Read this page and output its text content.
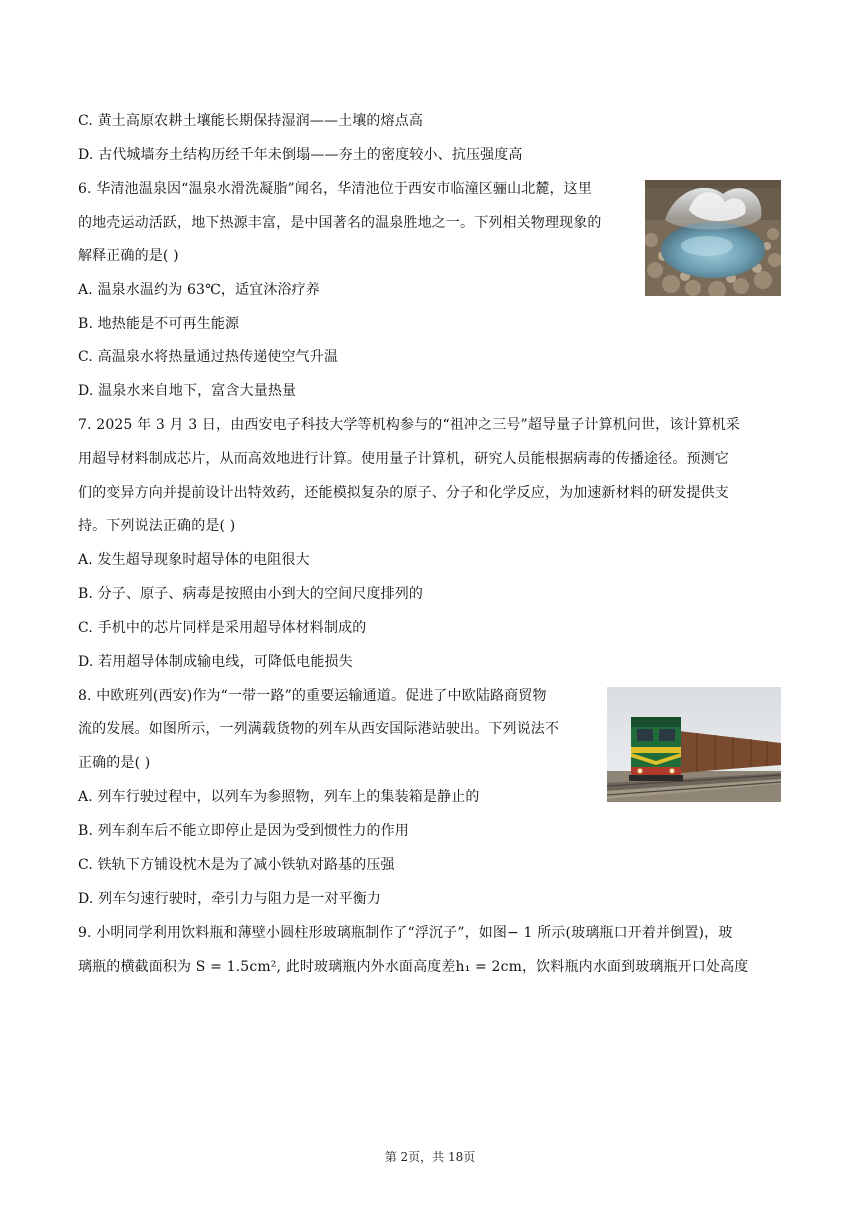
C. 黄土高原农耕土壤能长期保持湿润——土壤的熔点高
D. 古代城墙夯土结构历经千年未倒塌——夯土的密度较小、抗压强度高
6. 华清池温泉因“温泉水滑洗凝脂”闻名，华清池位于西安市临潼区骊山北麓，这里
的地壳运动活跃，地下热源丰富，是中国著名的温泉胜地之一。下列相关物理现象的
解释正确的是( )
A. 温泉水温约为 63℃，适宜沐浴疗养
B. 地热能是不可再生能源
C. 高温泉水将热量通过热传递使空气升温
D. 温泉水来自地下，富含大量热量
7. 2025 年 3 月 3 日，由西安电子科技大学等机构参与的“祖冲之三号”超导量子计算机问世，该计算机采
用超导材料制成芯片，从而高效地进行计算。使用量子计算机，研究人员能根据病毒的传播途径。预测它
们的变异方向并提前设计出特效药，还能模拟复杂的原子、分子和化学反应，为加速新材料的研发提供支
持。下列说法正确的是( )
A. 发生超导现象时超导体的电阻很大
B. 分子、原子、病毒是按照由小到大的空间尺度排列的
C. 手机中的芯片同样是采用超导体材料制成的
D. 若用超导体制成输电线，可降低电能损失
8. 中欧班列(西安)作为“一带一路”的重要运输通道。促进了中欧陆路商贸物
流的发展。如图所示，一列满载货物的列车从西安国际港站驶出。下列说法不
正确的是( )
A. 列车行驶过程中，以列车为参照物，列车上的集装箱是静止的
B. 列车刹车后不能立即停止是因为受到惯性力的作用
C. 铁轨下方铺设枕木是为了减小铁轨对路基的压强
D. 列车匀速行驶时，牵引力与阻力是一对平衡力
9. 小明同学利用饮料瓶和薄壁小圆柱形玻璃瓶制作了“浮沉子”，如图− 1 所示(玻璃瓶口开着并倒置)，玻
璃瓶的横截面积为 S = 1.5cm², 此时玻璃瓶内外水面高度差h₁ = 2cm，饮料瓶内水面到玻璃瓶开口处高度
第 2页，共 18页
